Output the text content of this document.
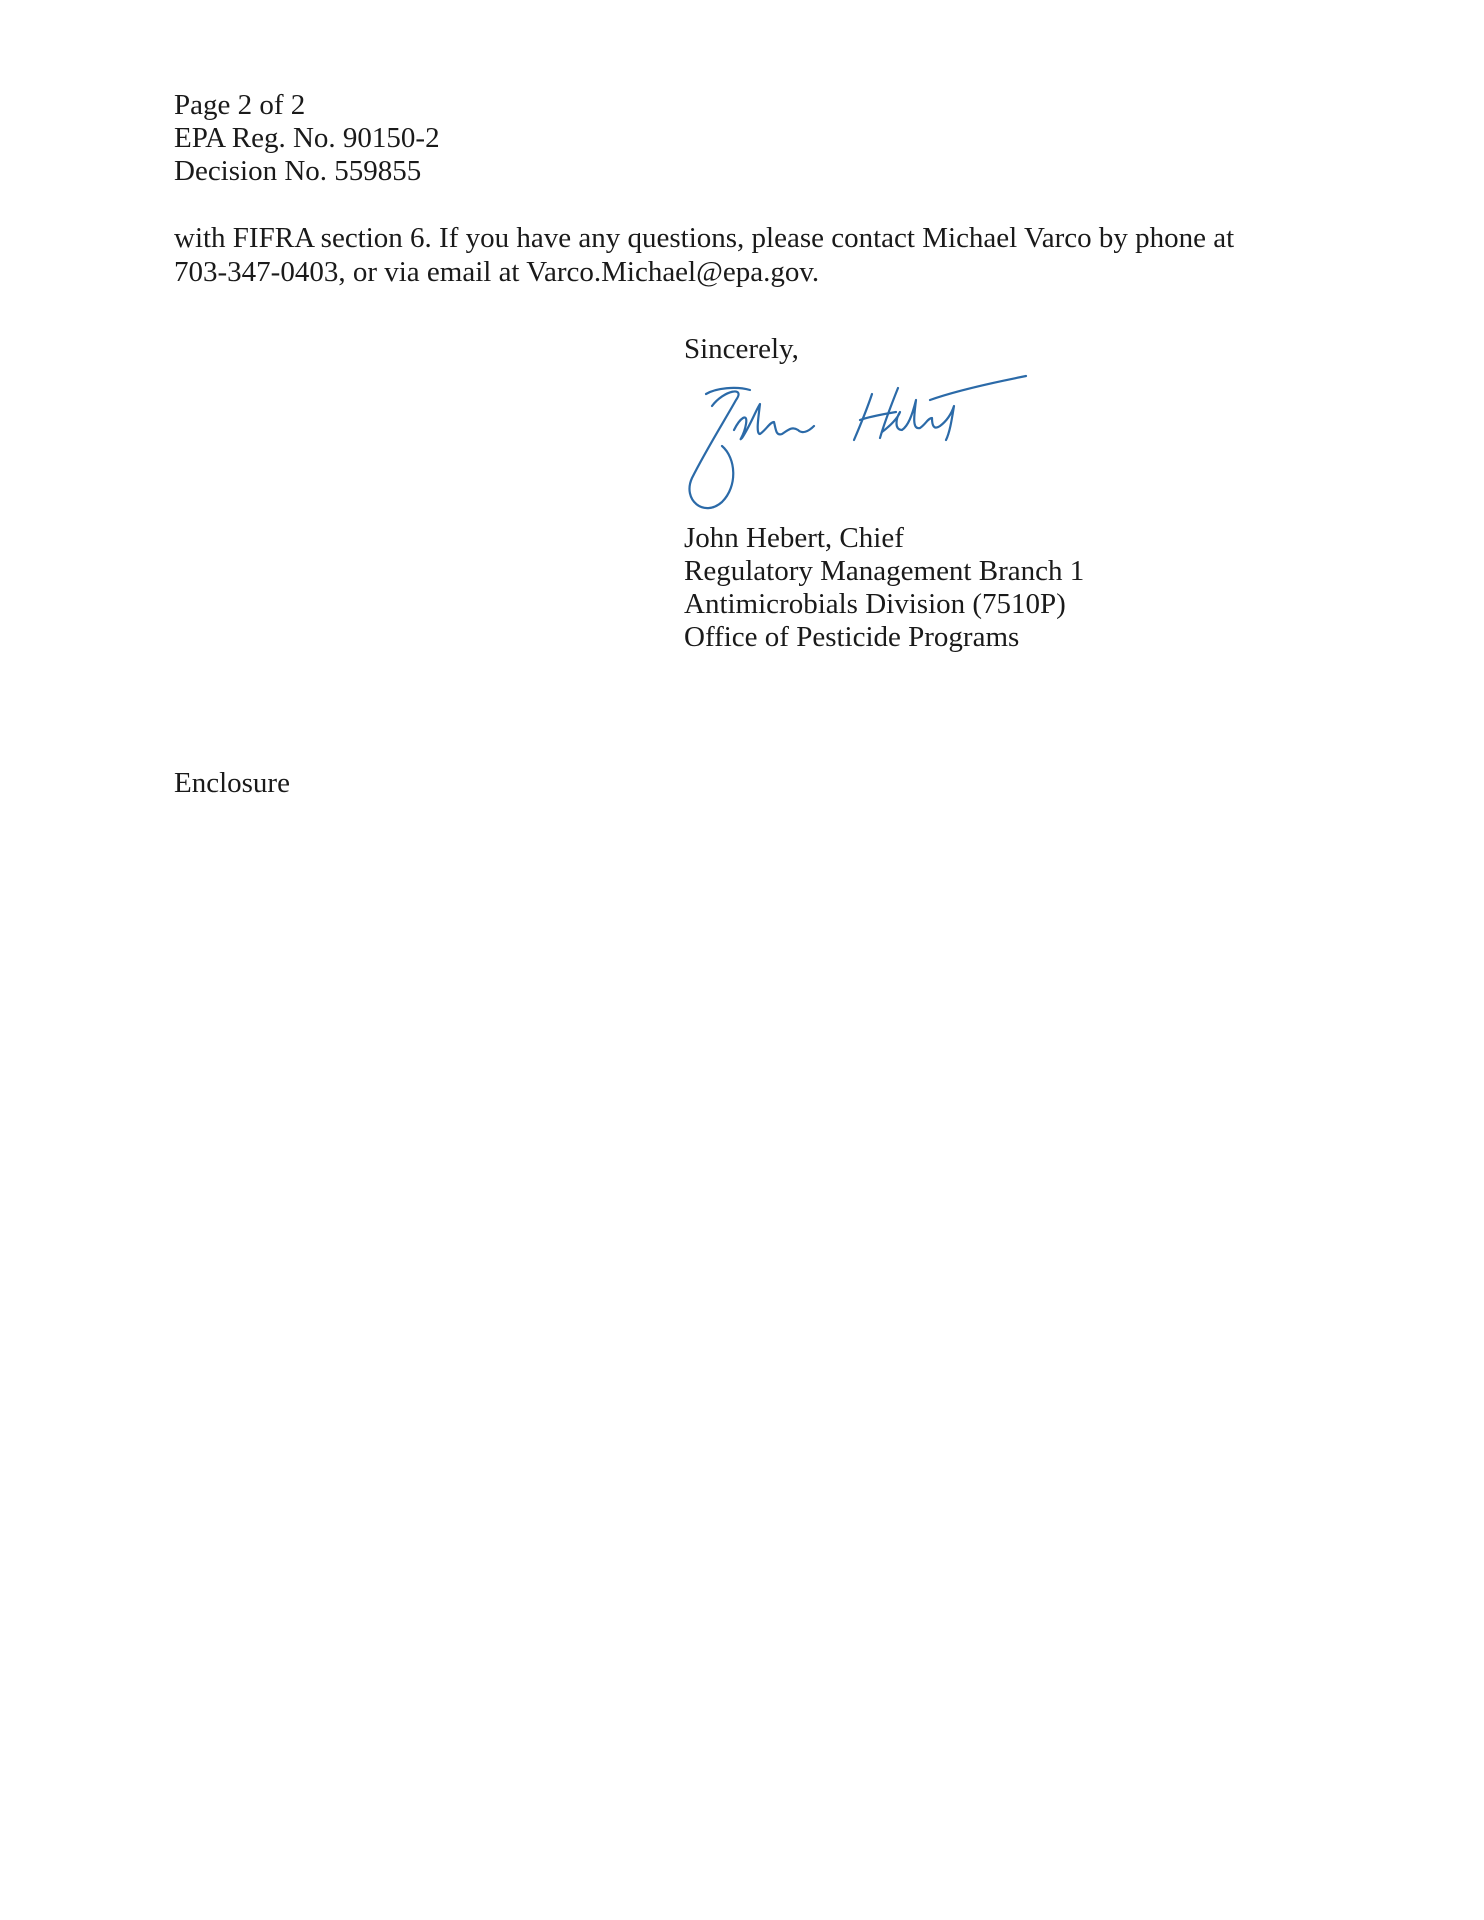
Page 2 of 2
EPA Reg. No. 90150-2
Decision No. 559855
with FIFRA section 6. If you have any questions, please contact Michael Varco by phone at
703-347-0403, or via email at Varco.Michael@epa.gov.
Sincerely,
John Hebert, Chief
Regulatory Management Branch 1
Antimicrobials Division (7510P)
Office of Pesticide Programs
Enclosure
